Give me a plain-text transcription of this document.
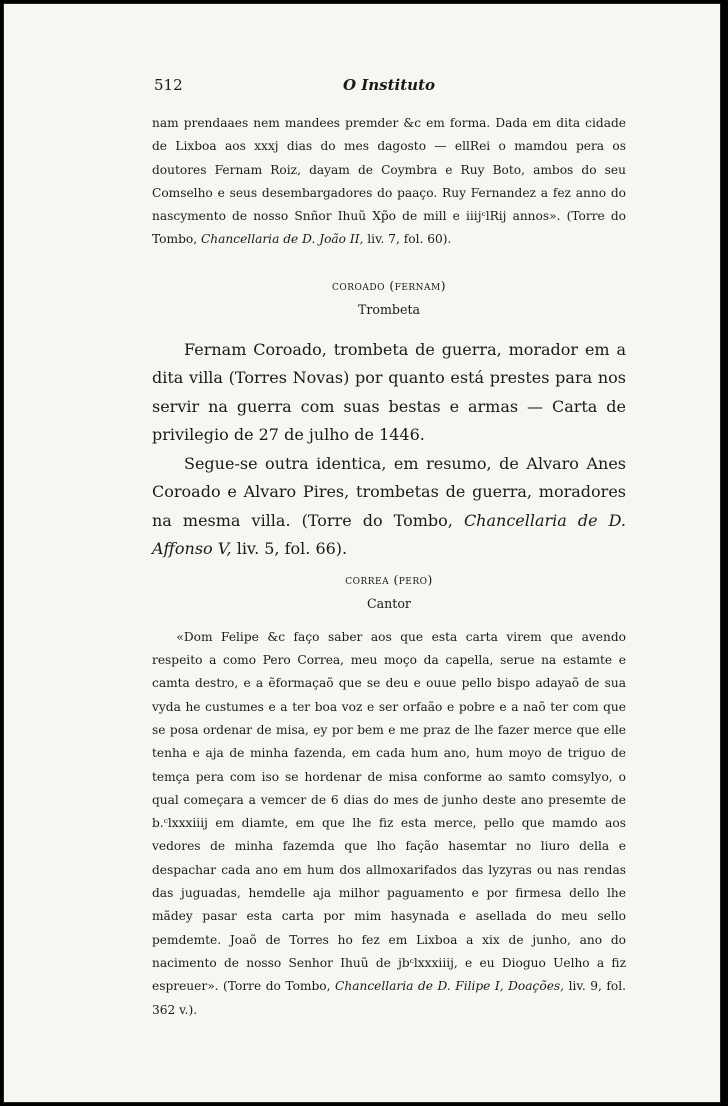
512	O Instituto

nam prendaaes nem mandees premder &c em forma. Dada em dita cidade de Lixboa aos xxxj dias do mes dagosto — ellRei o mamdou pera os doutores Fernam Roiz, dayam de Coymbra e Ruy Boto, ambos do seu Comselho e seus desembargadores do paaço. Ruy Fernandez a fez anno do nascymento de nosso Snñor Ihuũ Xp̃o de mill e iiijᶜlRij annos». (Torre do Tombo, Chancellaria de D. João II, liv. 7, fol. 60).

coroado (fernam)

Trombeta

Fernam Coroado, trombeta de guerra, morador em a dita villa (Torres Novas) por quanto está prestes para nos servir na guerra com suas bestas e armas — Carta de privilegio de 27 de julho de 1446.

Segue-se outra identica, em resumo, de Alvaro Anes Coroado e Alvaro Pires, trombetas de guerra, moradores na mesma villa. (Torre do Tombo, Chancellaria de D. Affonso V, liv. 5, fol. 66).

correa (pero)

Cantor

«Dom Felipe &c faço saber aos que esta carta virem que avendo respeito a como Pero Correa, meu moço da capella, serue na estamte e camta destro, e a ẽformaçaõ que se deu e ouue pello bispo adayaõ de sua vyda he custumes e a ter boa voz e ser orfaão e pobre e a naõ ter com que se posa ordenar de misa, ey por bem e me praz de lhe fazer merce que elle tenha e aja de minha fazenda, em cada hum ano, hum moyo de triguo de temça pera com iso se hordenar de misa conforme ao samto comsylyo, o qual começara a vemcer de 6 dias do mes de junho deste ano presemte de b.ᶜlxxxiiij em diamte, em que lhe fiz esta merce, pello que mamdo aos vedores de minha fazemda que lho fação hasemtar no liuro della e despachar cada ano em hum dos allmoxarifados das lyzyras ou nas rendas das juguadas, hemdelle aja milhor paguamento e por firmesa dello lhe mãdey pasar esta carta por mim hasynada e asellada do meu sello pemdemte. Joaõ de Torres ho fez em Lixboa a xix de junho, ano do nacimento de nosso Senhor Ihuũ de jbᶜlxxxiiij, e eu Dioguo Uelho a fiz espreuer». (Torre do Tombo, Chancellaria de D. Filipe I, Doações, liv. 9, fol. 362 v.).
